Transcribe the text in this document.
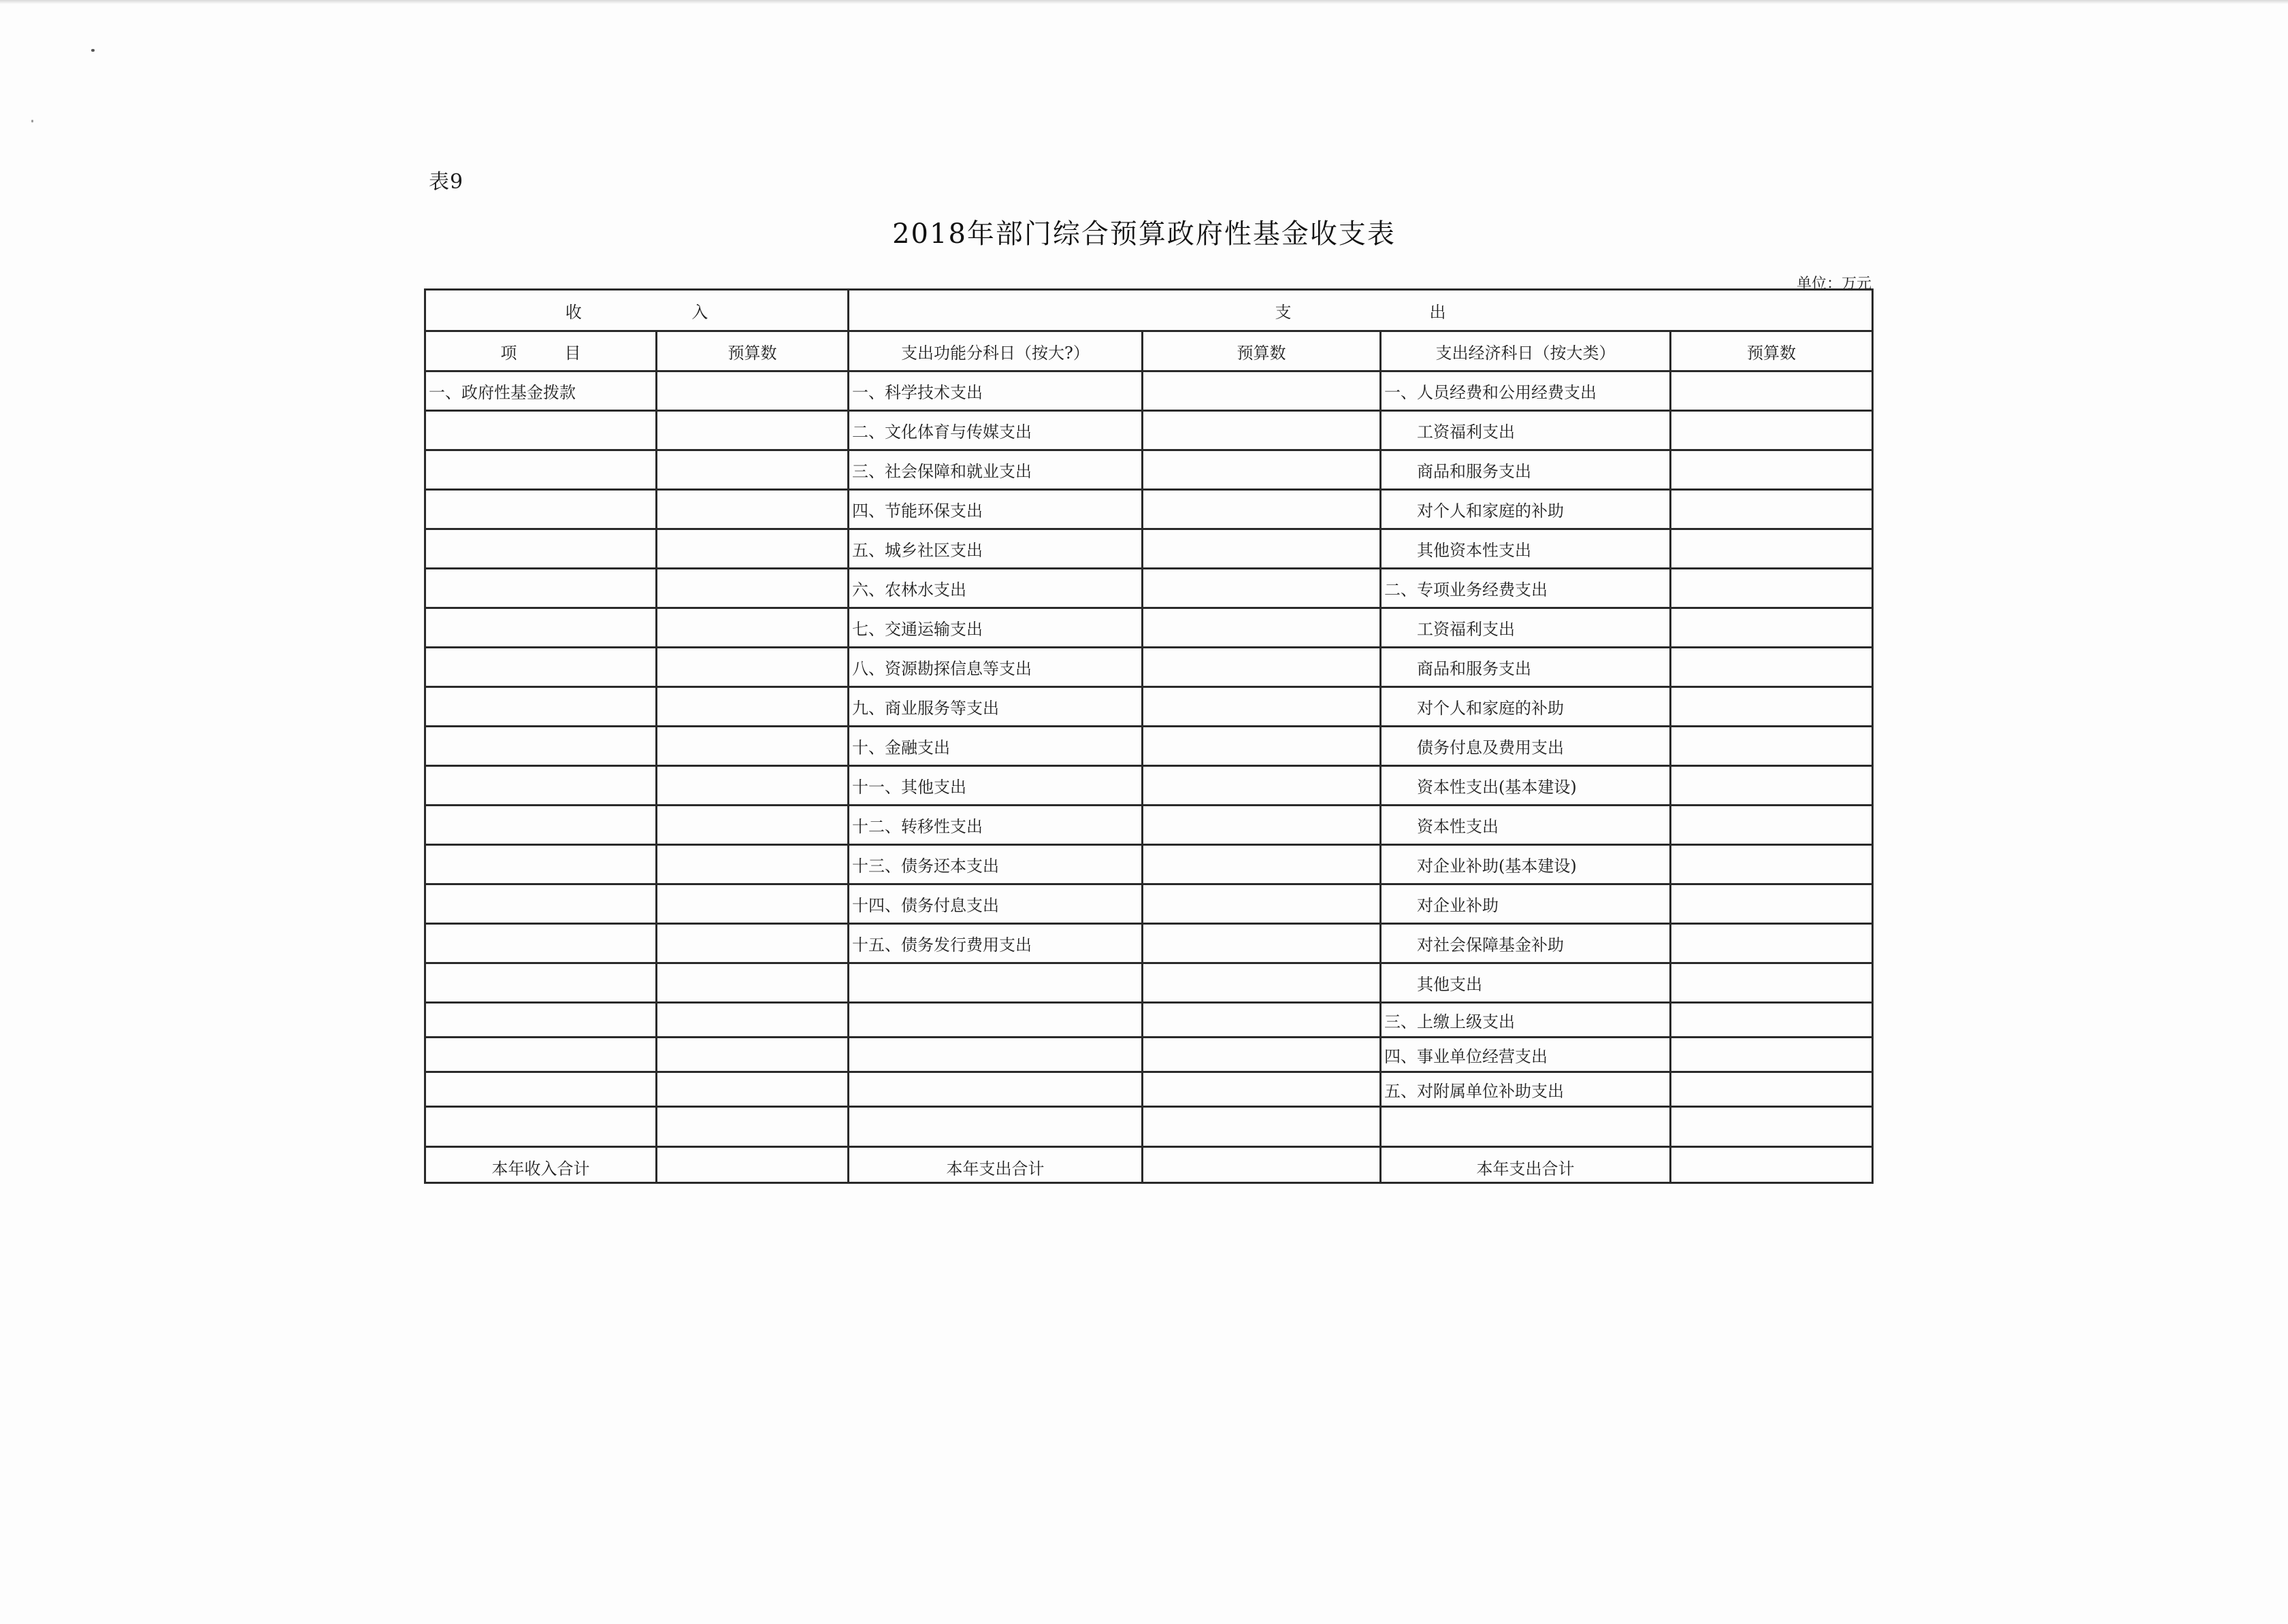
表9
2018年部门综合预算政府性基金收支表
单位：万元
收 入		支 出			

项 目	预算数	支出功能分科日（按大?）	预算数	支出经济科日（按大类）	预算数
一、政府性基金拨款		一、科学技术支出		一、人员经费和公用经费支出	
		二、文化体育与传媒支出		工资福利支出	
		三、社会保障和就业支出		商品和服务支出	
		四、节能环保支出		对个人和家庭的补助	
		五、城乡社区支出		其他资本性支出	
		六、农林水支出		二、专项业务经费支出	
		七、交通运输支出		工资福利支出	
		八、资源勘探信息等支出		商品和服务支出	
		九、商业服务等支出		对个人和家庭的补助	
		十、金融支出		债务付息及费用支出	
		十一、其他支出		资本性支出(基本建设)	
		十二、转移性支出		资本性支出	
		十三、债务还本支出		对企业补助(基本建设)	
		十四、债务付息支出		对企业补助	
		十五、债务发行费用支出		对社会保障基金补助	
				其他支出	
				三、上缴上级支出	
				四、事业单位经营支出	
				五、对附属单位补助支出	

本年收入合计		本年支出合计		本年支出合计	
